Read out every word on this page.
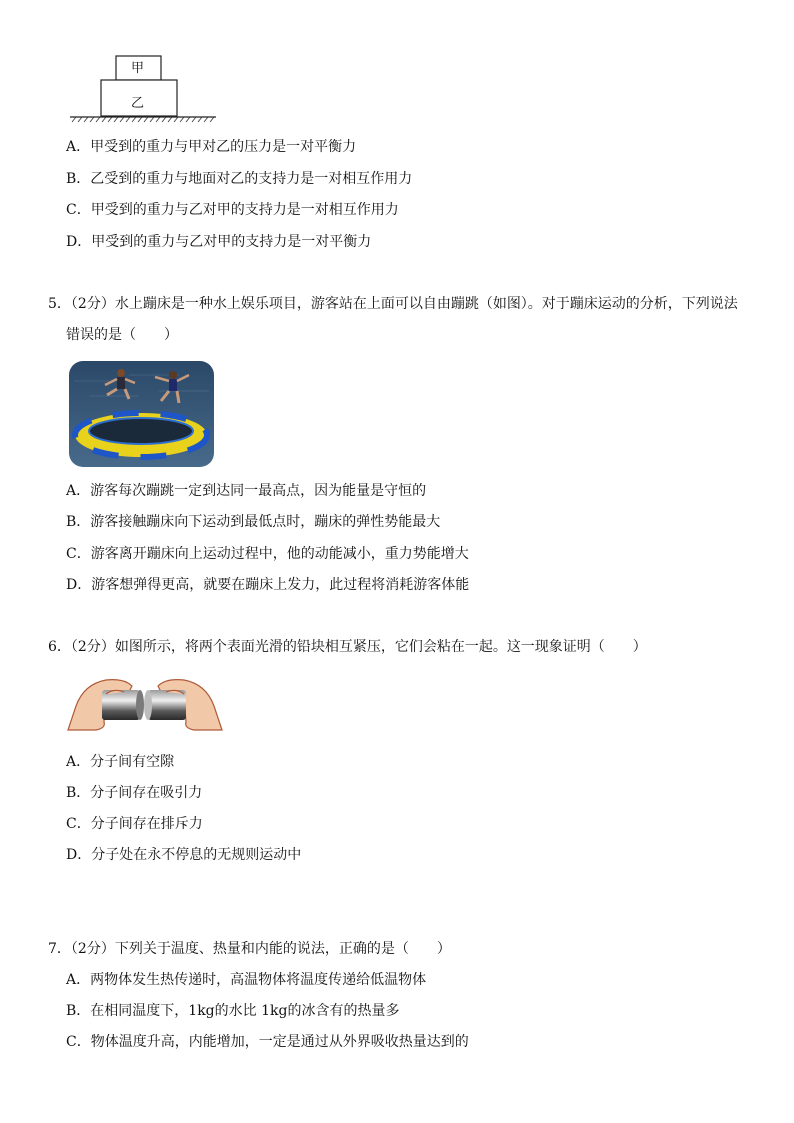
甲
乙
A．甲受到的重力与甲对乙的压力是一对平衡力
B．乙受到的重力与地面对乙的支持力是一对相互作用力
C．甲受到的重力与乙对甲的支持力是一对相互作用力
D．甲受到的重力与乙对甲的支持力是一对平衡力
5．（2分）水上蹦床是一种水上娱乐项目，游客站在上面可以自由蹦跳（如图）。对于蹦床运动的分析，下列说法
错误的是（　　）
A．游客每次蹦跳一定到达同一最高点，因为能量是守恒的
B．游客接触蹦床向下运动到最低点时，蹦床的弹性势能最大
C．游客离开蹦床向上运动过程中，他的动能减小，重力势能增大
D．游客想弹得更高，就要在蹦床上发力，此过程将消耗游客体能
6．（2分）如图所示，将两个表面光滑的铅块相互紧压，它们会粘在一起。这一现象证明（　　）
A．分子间有空隙
B．分子间存在吸引力
C．分子间存在排斥力
D．分子处在永不停息的无规则运动中
7．（2分）下列关于温度、热量和内能的说法，正确的是（　　）
A．两物体发生热传递时，高温物体将温度传递给低温物体
B．在相同温度下，1kg的水比 1kg的冰含有的热量多
C．物体温度升高，内能增加，一定是通过从外界吸收热量达到的
